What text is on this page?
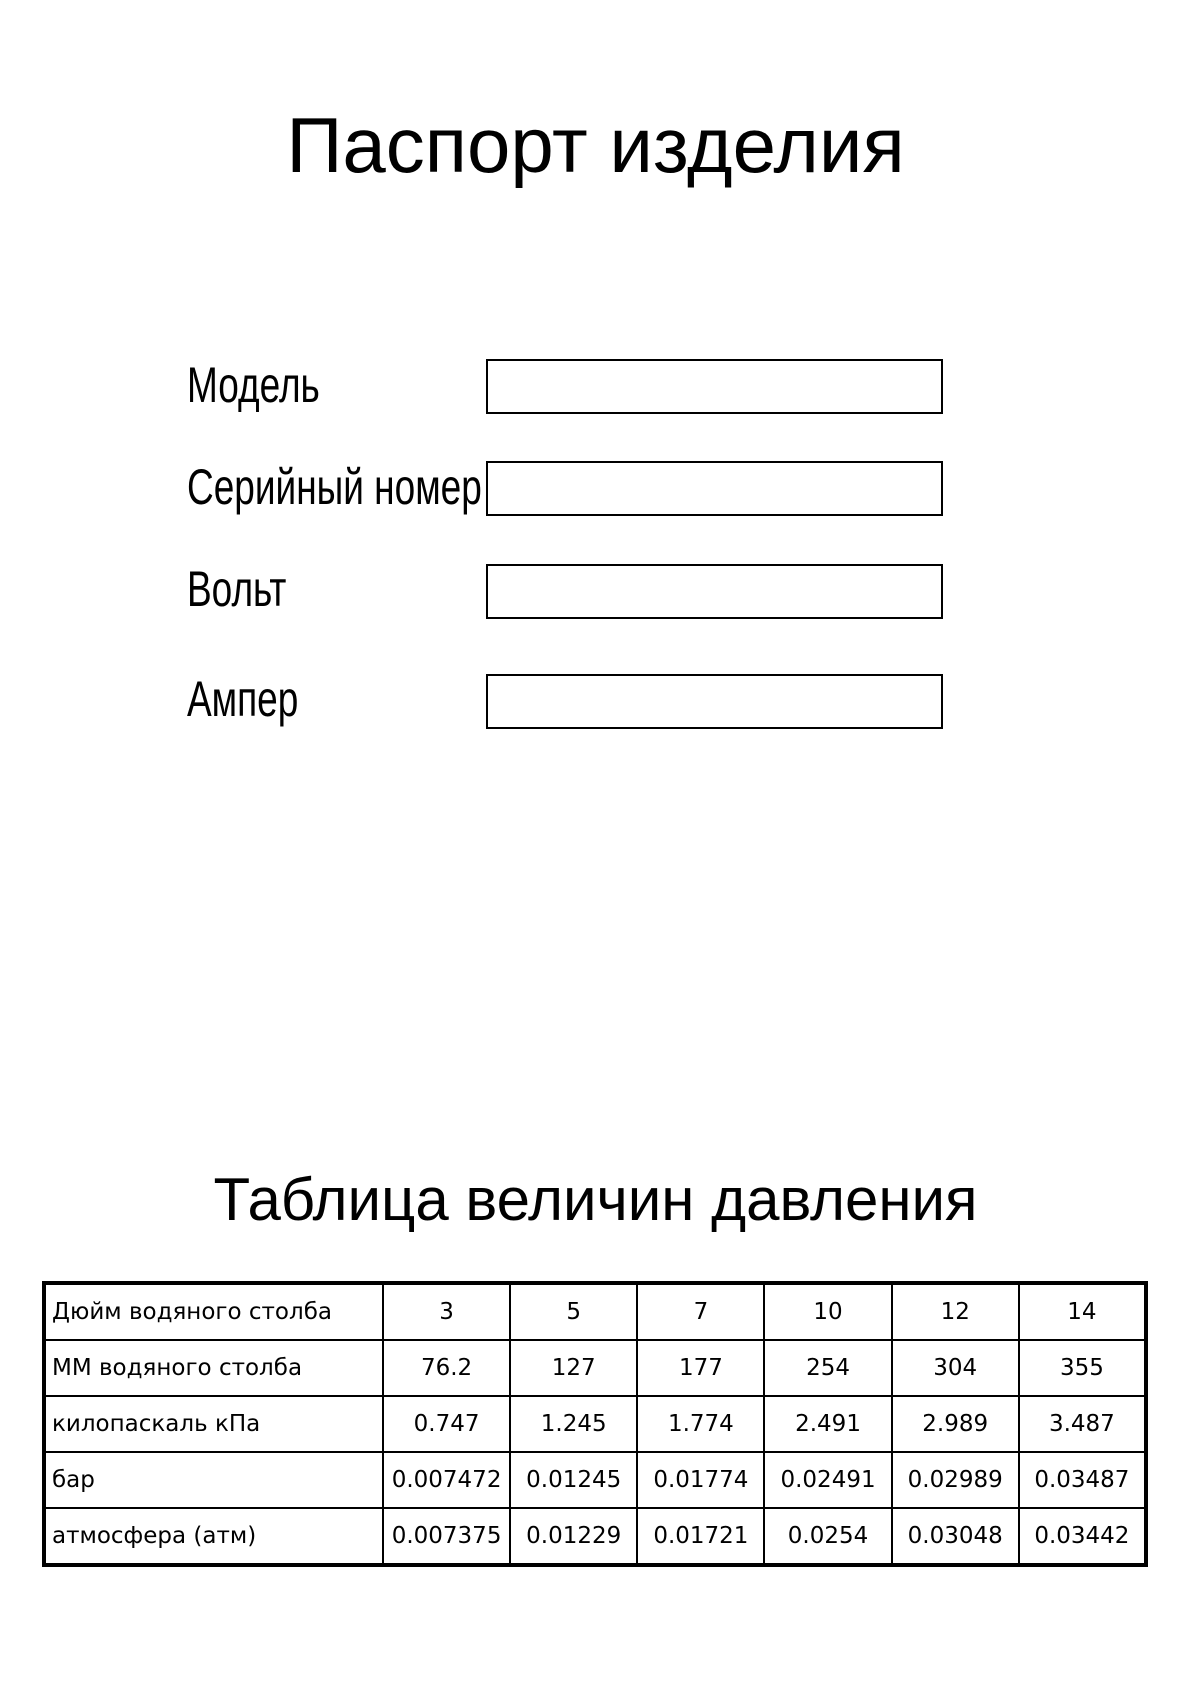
Паспорт изделия
Модель
Серийный номер
Вольт
Ампер
Таблица величин давления
Дюйм водяного столба	3	5	7	10	12	14
ММ водяного столба	76.2	127	177	254	304	355
килопаскаль кПа	0.747	1.245	1.774	2.491	2.989	3.487
бар	0.007472	0.01245	0.01774	0.02491	0.02989	0.03487
атмосфера (атм)	0.007375	0.01229	0.01721	0.0254	0.03048	0.03442
